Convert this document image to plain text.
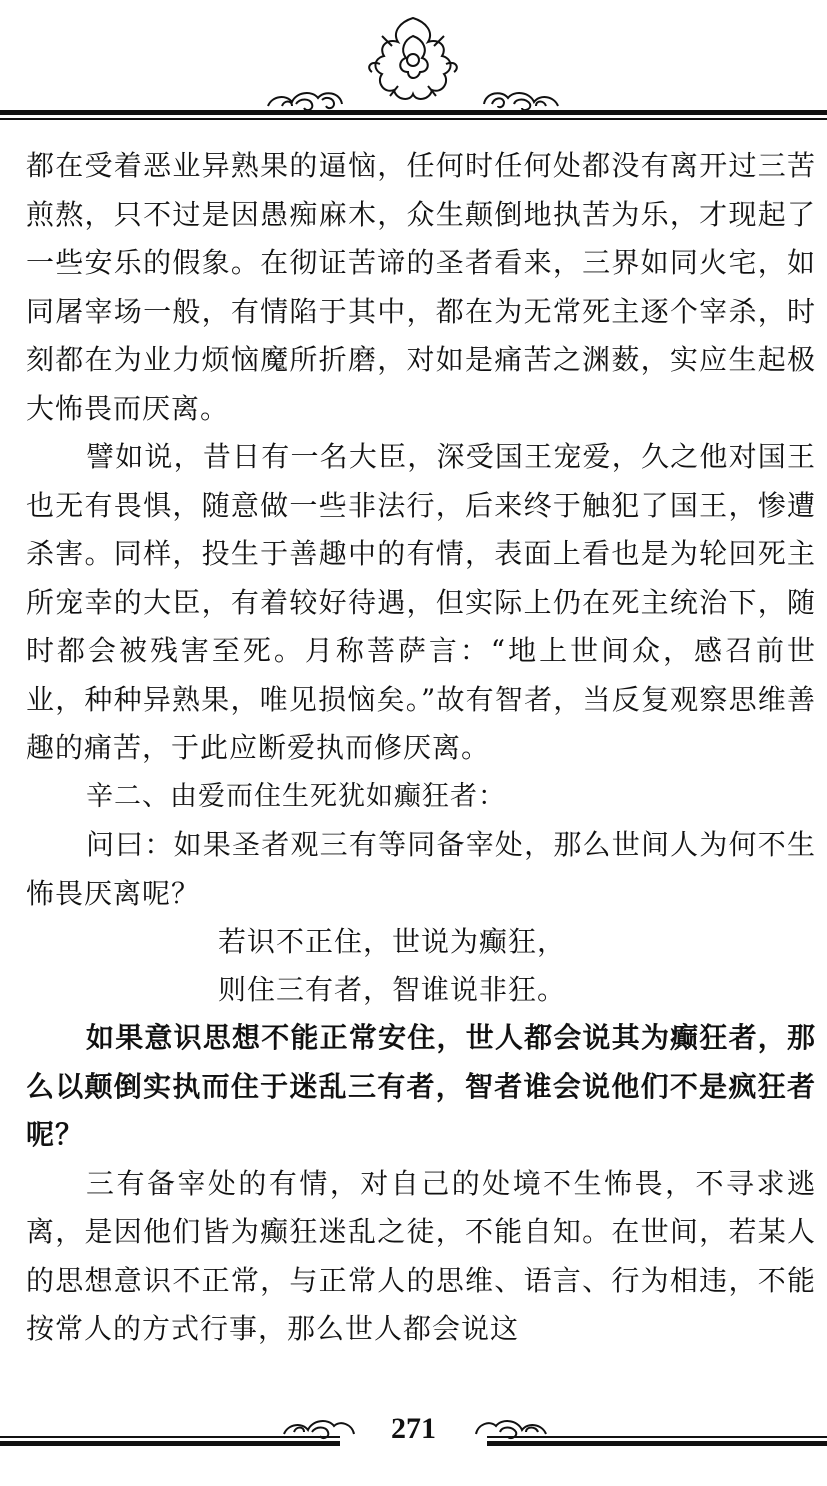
都在受着恶业异熟果的逼恼，任何时任何处都没有离开过三苦煎熬，只不过是因愚痴麻木，众生颠倒地执苦为乐，才现起了一些安乐的假象。在彻证苦谛的圣者看来，三界如同火宅，如同屠宰场一般，有情陷于其中，都在为无常死主逐个宰杀，时刻都在为业力烦恼魔所折磨，对如是痛苦之渊薮，实应生起极大怖畏而厌离。

譬如说，昔日有一名大臣，深受国王宠爱，久之他对国王也无有畏惧，随意做一些非法行，后来终于触犯了国王，惨遭杀害。同样，投生于善趣中的有情，表面上看也是为轮回死主所宠幸的大臣，有着较好待遇，但实际上仍在死主统治下，随时都会被残害至死。月称菩萨言：“地上世间众，感召前世业，种种异熟果，唯见损恼矣。”故有智者，当反复观察思维善趣的痛苦，于此应断爱执而修厌离。

辛二、由爱而住生死犹如癫狂者：

问曰：如果圣者观三有等同备宰处，那么世间人为何不生怖畏厌离呢？

若识不正住，世说为癫狂，

则住三有者，智谁说非狂。

如果意识思想不能正常安住，世人都会说其为癫狂者，那么以颠倒实执而住于迷乱三有者，智者谁会说他们不是疯狂者呢？

三有备宰处的有情，对自己的处境不生怖畏，不寻求逃离，是因他们皆为癫狂迷乱之徒，不能自知。在世间，若某人的思想意识不正常，与正常人的思维、语言、行为相违，不能按常人的方式行事，那么世人都会说这

271
